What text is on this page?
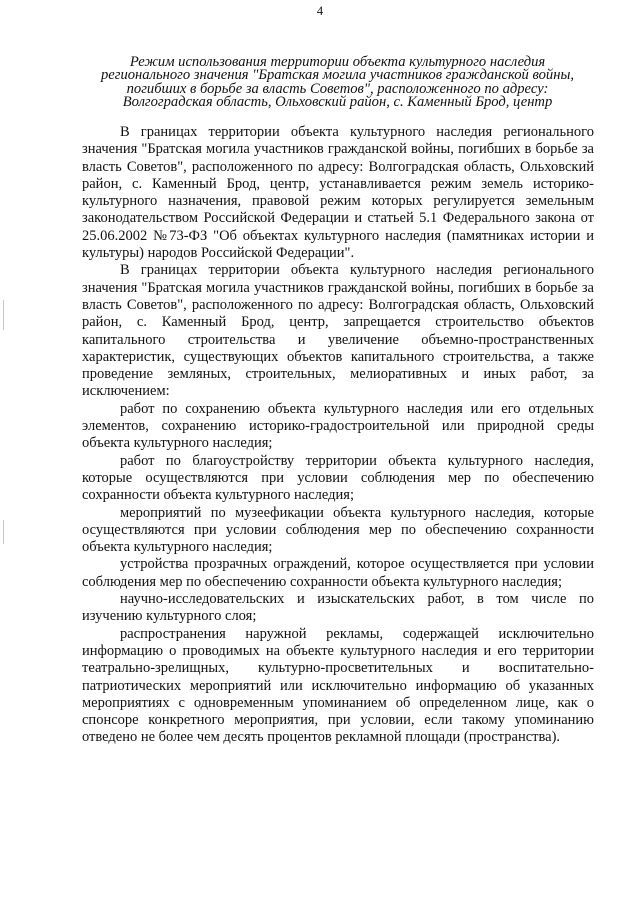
4
Режим использования территории объекта культурного наследия
регионального значения "Братская могила участников гражданской войны,
погибших в борьбе за власть Советов", расположенного по адресу:
Волгоградская область, Ольховский район, с. Каменный Брод, центр

В границах территории объекта культурного наследия регионального значения "Братская могила участников гражданской войны, погибших в борьбе за власть Советов", расположенного по адресу: Волгоградская область, Ольховский район, с. Каменный Брод, центр, устанавливается режим земель историко-культурного назначения, правовой режим которых регулируется земельным законодательством Российской Федерации и статьей 5.1 Федерального закона от 25.06.2002 №73-ФЗ "Об объектах культурного наследия (памятниках истории и культуры) народов Российской Федерации".

В границах территории объекта культурного наследия регионального значения "Братская могила участников гражданской войны, погибших в борьбе за власть Советов", расположенного по адресу: Волгоградская область, Ольховский район, с. Каменный Брод, центр, запрещается строительство объектов капитального строительства и увеличение объемно-пространственных характеристик, существующих объектов капитального строительства, а также проведение земляных, строительных, мелиоративных и иных работ, за исключением:

работ по сохранению объекта культурного наследия или его отдельных элементов, сохранению историко-градостроительной или природной среды объекта культурного наследия;

работ по благоустройству территории объекта культурного наследия, которые осуществляются при условии соблюдения мер по обеспечению сохранности объекта культурного наследия;

мероприятий по музеефикации объекта культурного наследия, которые осуществляются при условии соблюдения мер по обеспечению сохранности объекта культурного наследия;

устройства прозрачных ограждений, которое осуществляется при условии соблюдения мер по обеспечению сохранности объекта культурного наследия;

научно-исследовательских и изыскательских работ, в том числе по изучению культурного слоя;

распространения наружной рекламы, содержащей исключительно информацию о проводимых на объекте культурного наследия и его территории театрально-зрелищных, культурно-просветительных и воспитательно-патриотических мероприятий или исключительно информацию об указанных мероприятиях с одновременным упоминанием об определенном лице, как о спонсоре конкретного мероприятия, при условии, если такому упоминанию отведено не более чем десять процентов рекламной площади (пространства).
